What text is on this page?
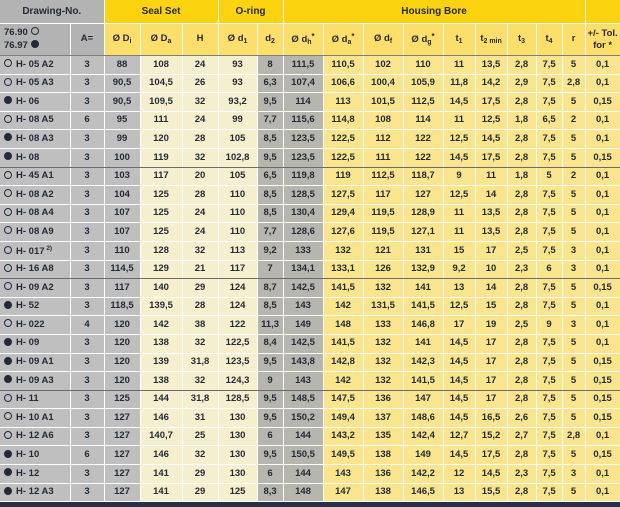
Drawing-No.		Seal Set			O-ring		Housing Bore									

76.90
76.97
	A=	Ø $D_i$	Ø $D_a$	H	Ø $d_1$	$d_2$	Ø $d_h^*$	Ø $d_a^*$	Ø $d_f$	Ø $d_g^*$	$t_1$	$t_{2 min}$	$t_3$	$t_4$	r	
+/- Tol.
for *

H- 05 A2	3	88	108	24	93	8	111,5	110,5	102	110	11	13,5	2,8	7,5	5	0,1
H- 05 A3	3	90,5	104,5	26	93	6,3	107,4	106,6	100,4	105,9	11,8	14,2	2,9	7,5	2,8	0,1
H- 06	3	90,5	109,5	32	93,2	9,5	114	113	101,5	112,5	14,5	17,5	2,8	7,5	5	0,15
H- 08 A5	6	95	111	24	99	7,7	115,6	114,8	108	114	11	12,5	1,8	6,5	2	0,1
H- 08 A3	3	99	120	28	105	8,5	123,5	122,5	112	122	12,5	14,5	2,8	7,5	5	0,1
H- 08	3	100	119	32	102,8	9,5	123,5	122,5	111	122	14,5	17,5	2,8	7,5	5	0,15
H- 45 A1	3	103	117	20	105	6,5	119,8	119	112,5	118,7	9	11	1,8	5	2	0,1
H- 08 A2	3	104	125	28	110	8,5	128,5	127,5	117	127	12,5	14	2,8	7,5	5	0,1
H- 08 A4	3	107	125	24	110	8,5	130,4	129,4	119,5	128,9	11	13,5	2,8	7,5	5	0,1
H- 08 A9	3	107	125	24	110	7,7	128,6	127,6	119,5	127,1	11	13,5	2,8	7,5	5	0,1
H- 017 $^{2)}$	3	110	128	32	113	9,2	133	132	121	131	15	17	2,5	7,5	3	0,1
H- 16 A8	3	114,5	129	21	117	7	134,1	133,1	126	132,9	9,2	10	2,3	6	3	0,1
H- 09 A2	3	117	140	29	124	8,7	142,5	141,5	132	141	13	14	2,8	7,5	5	0,15
H- 52	3	118,5	139,5	28	124	8,5	143	142	131,5	141,5	12,5	15	2,8	7,5	5	0,1
H- 022	4	120	142	38	122	11,3	149	148	133	146,8	17	19	2,5	9	3	0,1
H- 09	3	120	138	32	122,5	8,4	142,5	141,5	132	141	14,5	17	2,8	7,5	5	0,1
H- 09 A1	3	120	139	31,8	123,5	9,5	143,8	142,8	132	142,3	14,5	17	2,8	7,5	5	0,15
H- 09 A3	3	120	138	32	124,3	9	143	142	132	141,5	14,5	17	2,8	7,5	5	0,15
H- 11	3	125	144	31,8	128,5	9,5	148,5	147,5	136	147	14,5	17	2,8	7,5	5	0,15
H- 10 A1	3	127	146	31	130	9,5	150,2	149,4	137	148,6	14,5	16,5	2,6	7,5	5	0,15
H- 12 A6	3	127	140,7	25	130	6	144	143,2	135	142,4	12,7	15,2	2,7	7,5	2,8	0,1
H- 10	6	127	146	32	130	9,5	150,5	149,5	138	149	14,5	17,5	2,8	7,5	5	0,15
H- 12	3	127	141	29	130	6	144	143	136	142,2	12	14,5	2,3	7,5	3	0,1
H- 12 A3	3	127	141	29	125	8,3	148	147	138	146,5	13	15,5	2,8	7,5	5	0,1
